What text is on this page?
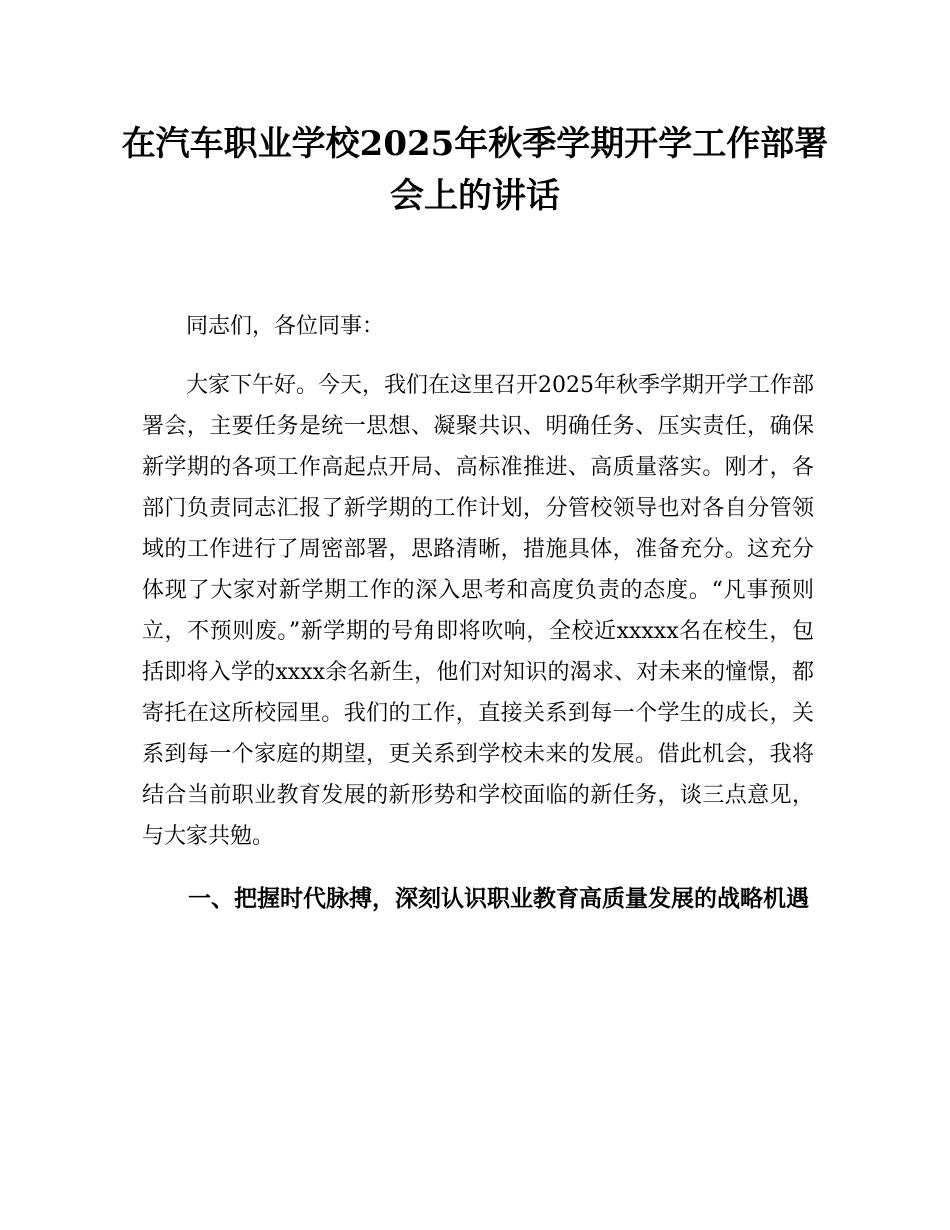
在汽车职业学校2025年秋季学期开学工作部署会上的讲话

同志们，各位同事：

大家下午好。今天，我们在这里召开2025年秋季学期开学工作部署会，主要任务是统一思想、凝聚共识、明确任务、压实责任，确保新学期的各项工作高起点开局、高标准推进、高质量落实。刚才，各部门负责同志汇报了新学期的工作计划，分管校领导也对各自分管领域的工作进行了周密部署，思路清晰，措施具体，准备充分。这充分体现了大家对新学期工作的深入思考和高度负责的态度。“凡事预则立，不预则废。”新学期的号角即将吹响，全校近xxxxx名在校生，包括即将入学的xxxx余名新生，他们对知识的渴求、对未来的憧憬，都寄托在这所校园里。我们的工作，直接关系到每一个学生的成长，关系到每一个家庭的期望，更关系到学校未来的发展。借此机会，我将结合当前职业教育发展的新形势和学校面临的新任务，谈三点意见，与大家共勉。

一、把握时代脉搏，深刻认识职业教育高质量发展的战略机遇
